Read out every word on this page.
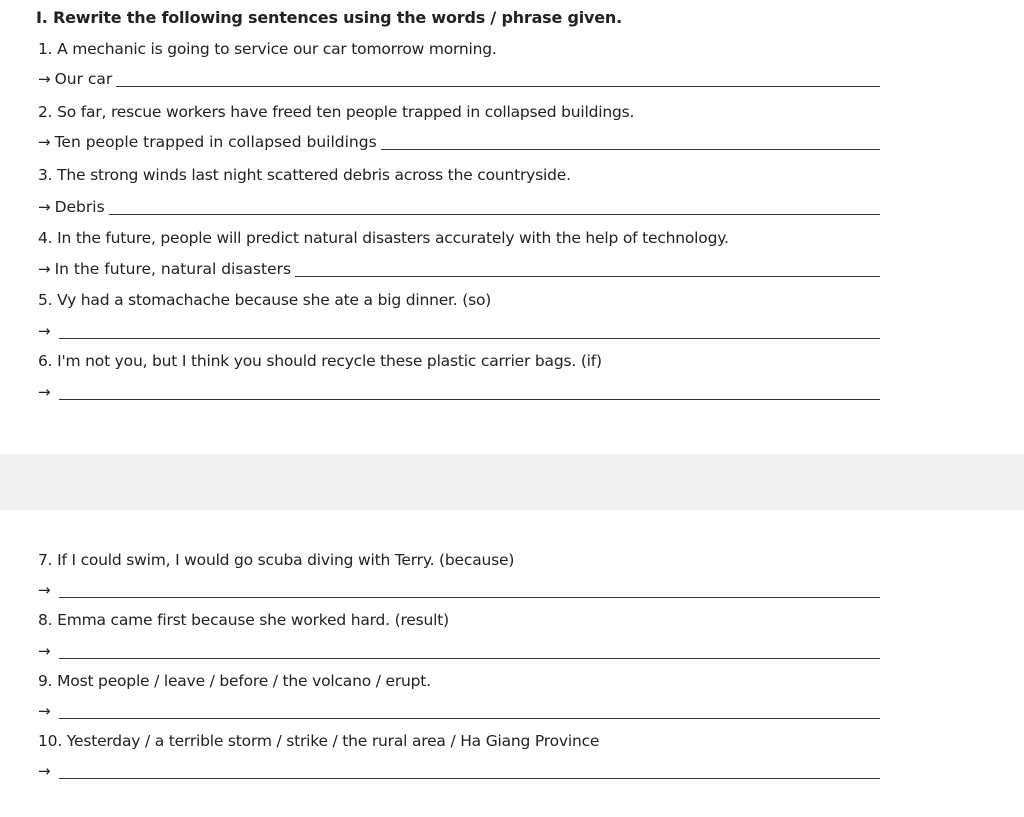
I. Rewrite the following sentences using the words / phrase given.
1. A mechanic is going to service our car tomorrow morning.
→ Our car
2. So far, rescue workers have freed ten people trapped in collapsed buildings.
→ Ten people trapped in collapsed buildings
3. The strong winds last night scattered debris across the countryside.
→ Debris
4. In the future, people will predict natural disasters accurately with the help of technology.
→ In the future, natural disasters
5. Vy had a stomachache because she ate a big dinner. (so)
→
6. I'm not you, but I think you should recycle these plastic carrier bags. (if)
→
7. If I could swim, I would go scuba diving with Terry. (because)
→
8. Emma came first because she worked hard. (result)
→
9. Most people / leave / before / the volcano / erupt.
→
10. Yesterday / a terrible storm / strike / the rural area / Ha Giang Province
→
